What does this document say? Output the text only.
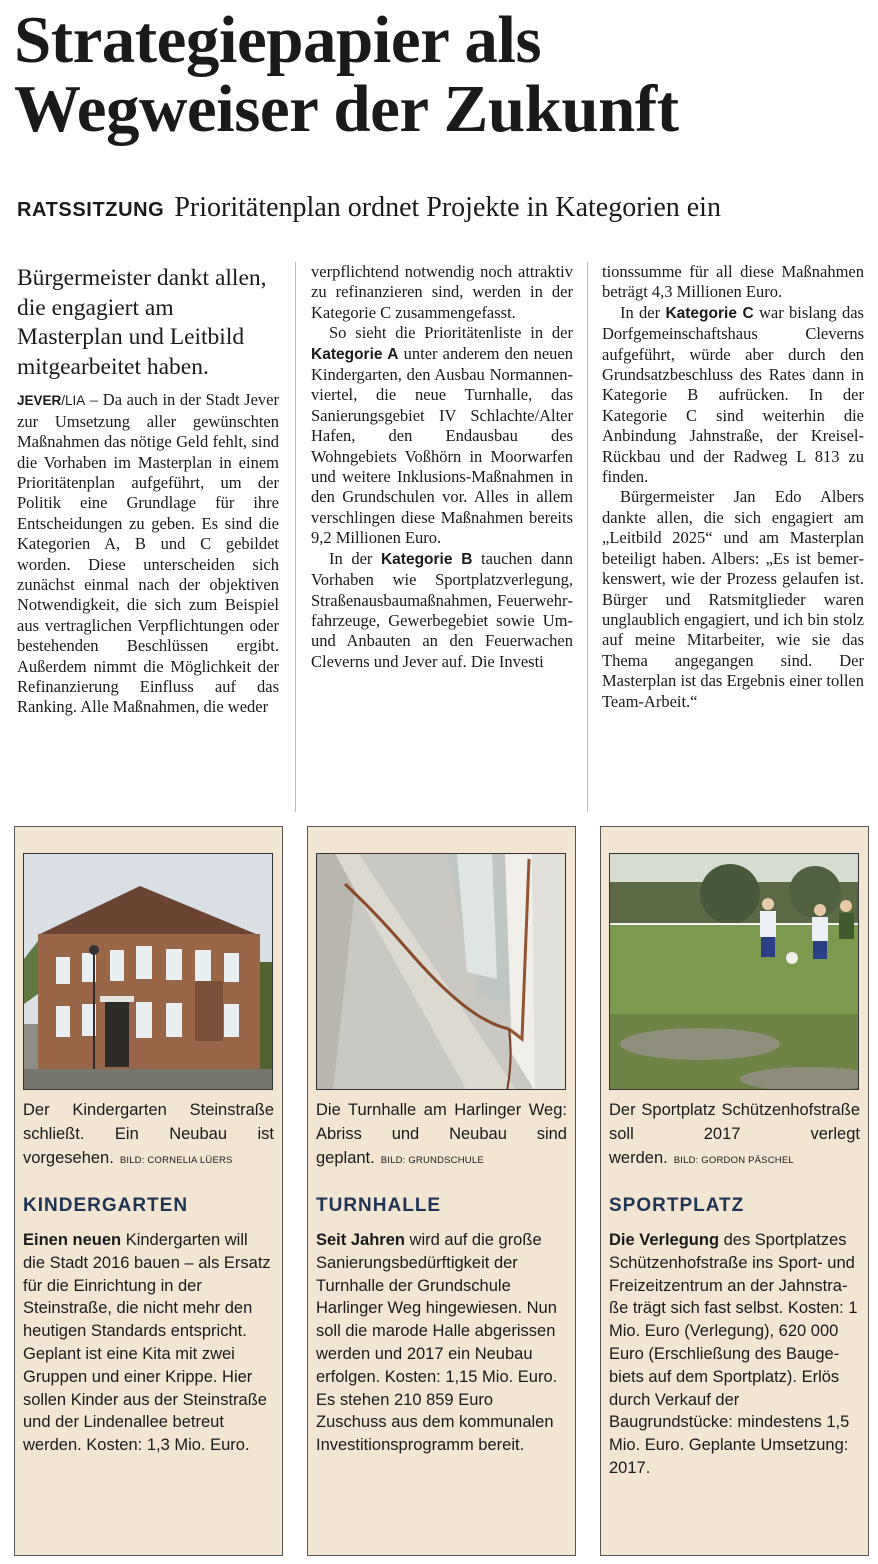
Strategiepapier als
Wegweiser der Zukunft
RATSSITZUNG Prioritätenplan ordnet Projekte in Kategorien ein

Bürgermeister dankt allen, die engagiert am Masterplan und Leitbild mitgearbeitet haben.

JEVER/LIA – Da auch in der Stadt Jever zur Umsetzung aller gewünschten Maßnahmen das nötige Geld fehlt, sind die Vorhaben im Masterplan in einem Prioritätenplan aufgeführt, um der Politik eine Grundlage für ihre Entscheidungen zu geben. Es sind die Kategorien A, B und C gebildet worden. Diese unterscheiden sich zunächst einmal nach der objektiven Notwendigkeit, die sich zum Beispiel aus vertraglichen Verpflichtungen oder bestehenden Beschlüssen ergibt. Außerdem nimmt die Möglichkeit der Refinanzierung Einfluss auf das Ranking. Alle Maßnahmen, die weder

verpflichtend notwendig noch attraktiv zu refinanzieren sind, werden in der Kategorie C zusammengefasst.

So sieht die Prioritätenliste in der Kategorie A unter anderem den neuen Kindergarten, den Ausbau Normannenviertel, die neue Turnhalle, das Sanierungsgebiet IV Schlachte/Alter Hafen, den Endausbau des Wohngebiets Voßhörn in Moorwarfen und weitere Inklusions-Maßnahmen in den Grundschulen vor. Alles in allem verschlingen diese Maßnahmen bereits 9,2 Millionen Euro.

In der Kategorie B tauchen dann Vorhaben wie Sportplatzverlegung, Straßenausbaumaßnahmen, Feuerwehrfahrzeuge, Gewerbegebiet sowie Um- und Anbauten an den Feuerwachen Cleverns und Jever auf. Die Investi

tionssumme für all diese Maßnahmen beträgt 4,3 Millionen Euro.

In der Kategorie C war bislang das Dorfgemeinschaftshaus Cleverns aufgeführt, würde aber durch den Grundsatzbeschluss des Rates dann in Kategorie B aufrücken. In der Kategorie C sind weiterhin die Anbindung Jahnstraße, der Kreisel-Rückbau und der Radweg L 813 zu finden.

Bürgermeister Jan Edo Albers dankte allen, die sich engagiert am „Leitbild 2025“ und am Masterplan beteiligt haben. Albers: „Es ist bemerkenswert, wie der Prozess gelaufen ist. Bürger und Ratsmitglieder waren unglaublich engagiert, und ich bin stolz auf meine Mitarbeiter, wie sie das Thema angegangen sind. Der Masterplan ist das Ergebnis einer tollen Team-Arbeit.“

Der Kindergarten Steinstraße schließt. Ein Neubau ist vorgesehen. BILD: CORNELIA LÜERS

KINDERGARTEN

Einen neuen Kindergarten will die Stadt 2016 bauen – als Ersatz für die Einrichtung in der Steinstraße, die nicht mehr den heutigen Standards entspricht. Geplant ist eine Kita mit zwei Gruppen und einer Krippe. Hier sollen Kinder aus der Steinstraße und der Lindenallee betreut werden. Kosten: 1,3 Mio. Euro.

Die Turnhalle am Harlinger Weg: Abriss und Neubau sind geplant. BILD: GRUNDSCHULE

TURNHALLE

Seit Jahren wird auf die große Sanierungsbedürftigkeit der Turnhalle der Grundschule Harlinger Weg hingewiesen. Nun soll die marode Halle abgerissen werden und 2017 ein Neubau erfolgen. Kosten: 1,15 Mio. Euro. Es stehen 210 859 Euro Zuschuss aus dem kommunalen Investitionsprogramm bereit.

Der Sportplatz Schützenhofstraße soll 2017 verlegt werden. BILD: GORDON PÄSCHEL

SPORTPLATZ

Die Verlegung des Sportplatzes Schützenhofstraße ins Sport- und Freizeitzentrum an der Jahnstraße trägt sich fast selbst. Kosten: 1 Mio. Euro (Verlegung), 620 000 Euro (Erschließung des Baugebiets auf dem Sportplatz). Erlös durch Verkauf der Baugrundstücke: mindestens 1,5 Mio. Euro. Geplante Umsetzung: 2017.
